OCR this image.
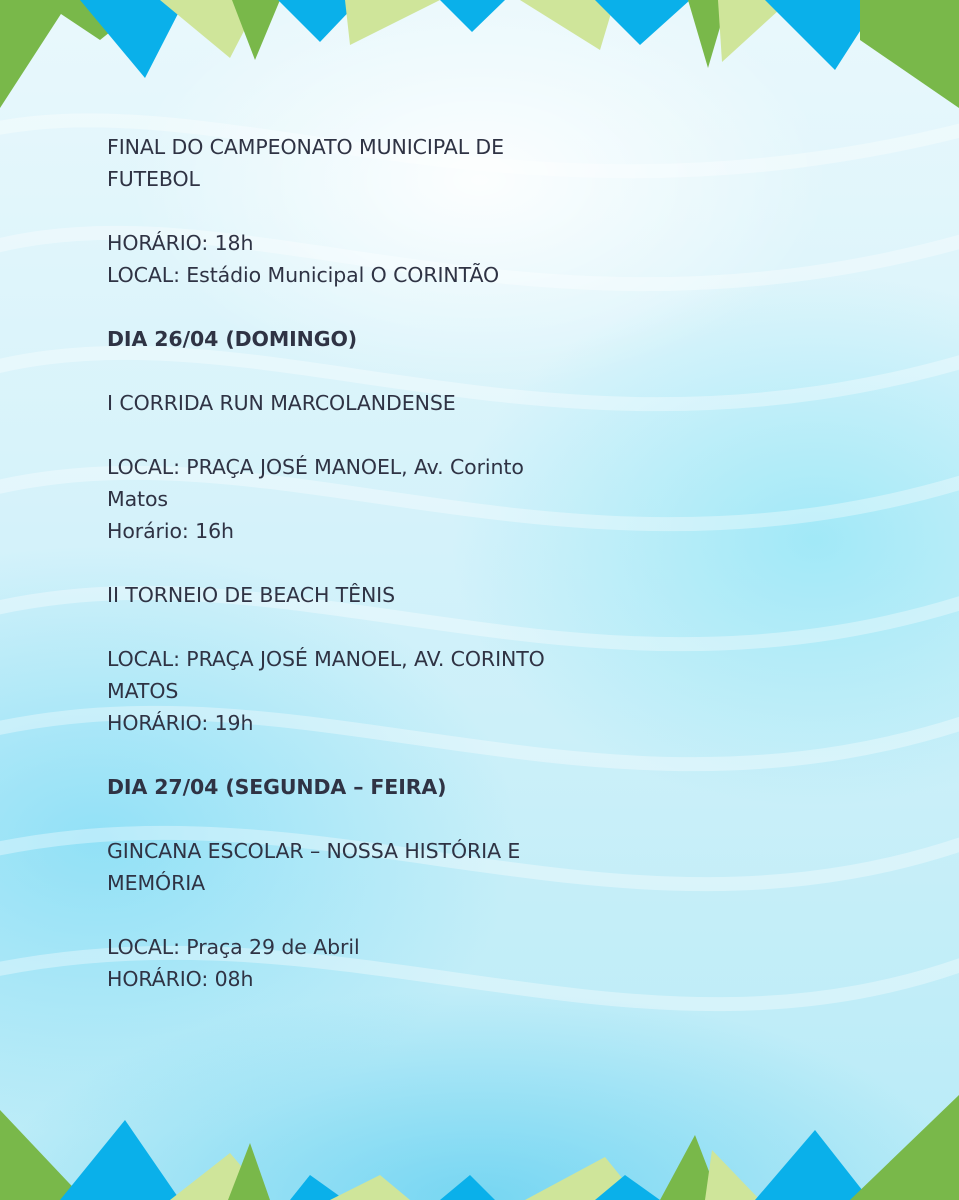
FINAL DO CAMPEONATO MUNICIPAL DE

FUTEBOL

HORÁRIO: 18h

LOCAL: Estádio Municipal O CORINTÃO

DIA 26/04 (DOMINGO)

I CORRIDA RUN MARCOLANDENSE

LOCAL: PRAÇA JOSÉ MANOEL, Av. Corinto

Matos

Horário: 16h

II TORNEIO DE BEACH TÊNIS

LOCAL: PRAÇA JOSÉ MANOEL, AV. CORINTO

MATOS

HORÁRIO: 19h

DIA 27/04 (SEGUNDA – FEIRA)

GINCANA ESCOLAR – NOSSA HISTÓRIA E

MEMÓRIA

LOCAL: Praça 29 de Abril

HORÁRIO: 08h
